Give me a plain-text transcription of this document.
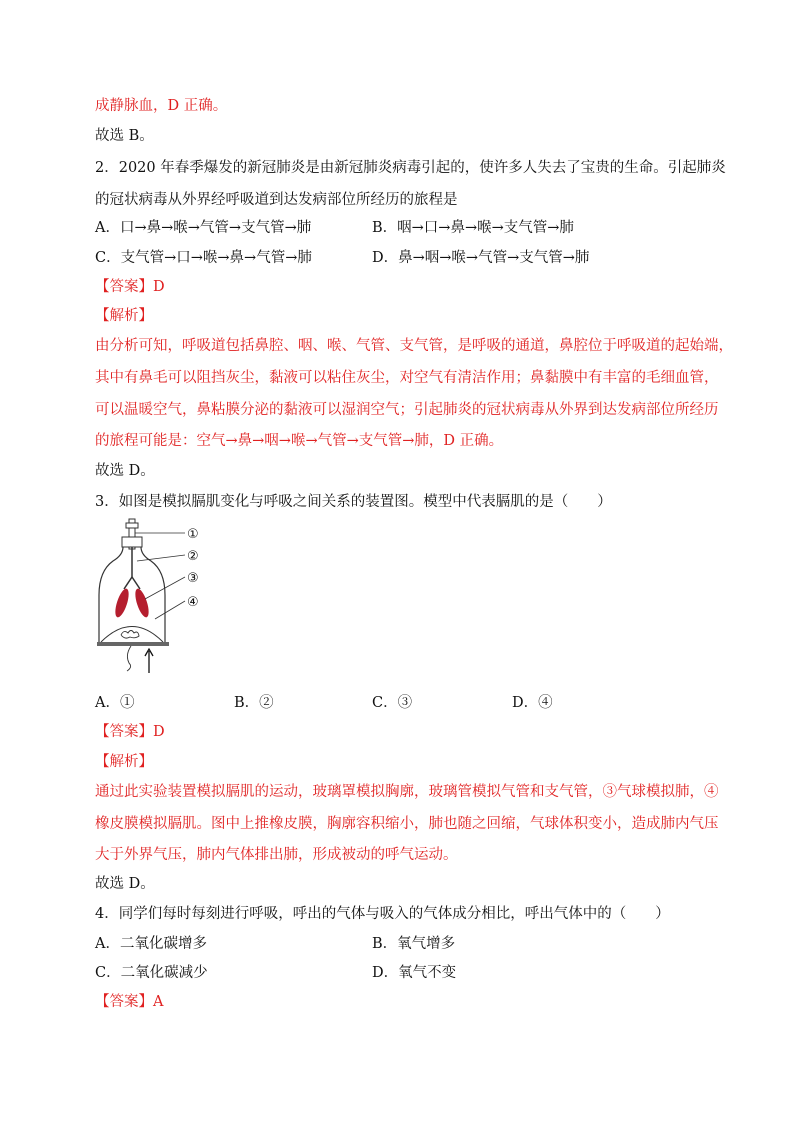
成静脉血，D 正确。
故选 B。
2．2020 年春季爆发的新冠肺炎是由新冠肺炎病毒引起的，使许多人失去了宝贵的生命。引起肺炎
的冠状病毒从外界经呼吸道到达发病部位所经历的旅程是
A．口→鼻→喉→气管→支气管→肺	B．咽→口→鼻→喉→支气管→肺
C．支气管→口→喉→鼻→气管→肺	D．鼻→咽→喉→气管→支气管→肺
【答案】D
【解析】
由分析可知，呼吸道包括鼻腔、咽、喉、气管、支气管，是呼吸的通道，鼻腔位于呼吸道的起始端，
其中有鼻毛可以阻挡灰尘，黏液可以粘住灰尘，对空气有清洁作用；鼻黏膜中有丰富的毛细血管，
可以温暖空气，鼻粘膜分泌的黏液可以湿润空气；引起肺炎的冠状病毒从外界到达发病部位所经历
的旅程可能是：空气→鼻→咽→喉→气管→支气管→肺，D 正确。
故选 D。
3．如图是模拟膈肌变化与呼吸之间关系的装置图。模型中代表膈肌的是（　　）
①
②
③
④
A．①	B．②	C．③	D．④
【答案】D
【解析】
通过此实验装置模拟膈肌的运动，玻璃罩模拟胸廓，玻璃管模拟气管和支气管，③气球模拟肺，④
橡皮膜模拟膈肌。图中上推橡皮膜，胸廓容积缩小，肺也随之回缩，气球体积变小，造成肺内气压
大于外界气压，肺内气体排出肺，形成被动的呼气运动。
故选 D。
4．同学们每时每刻进行呼吸，呼出的气体与吸入的气体成分相比，呼出气体中的（　　）
A．二氧化碳增多	B．氧气增多
C．二氧化碳减少	D．氧气不变
【答案】A
